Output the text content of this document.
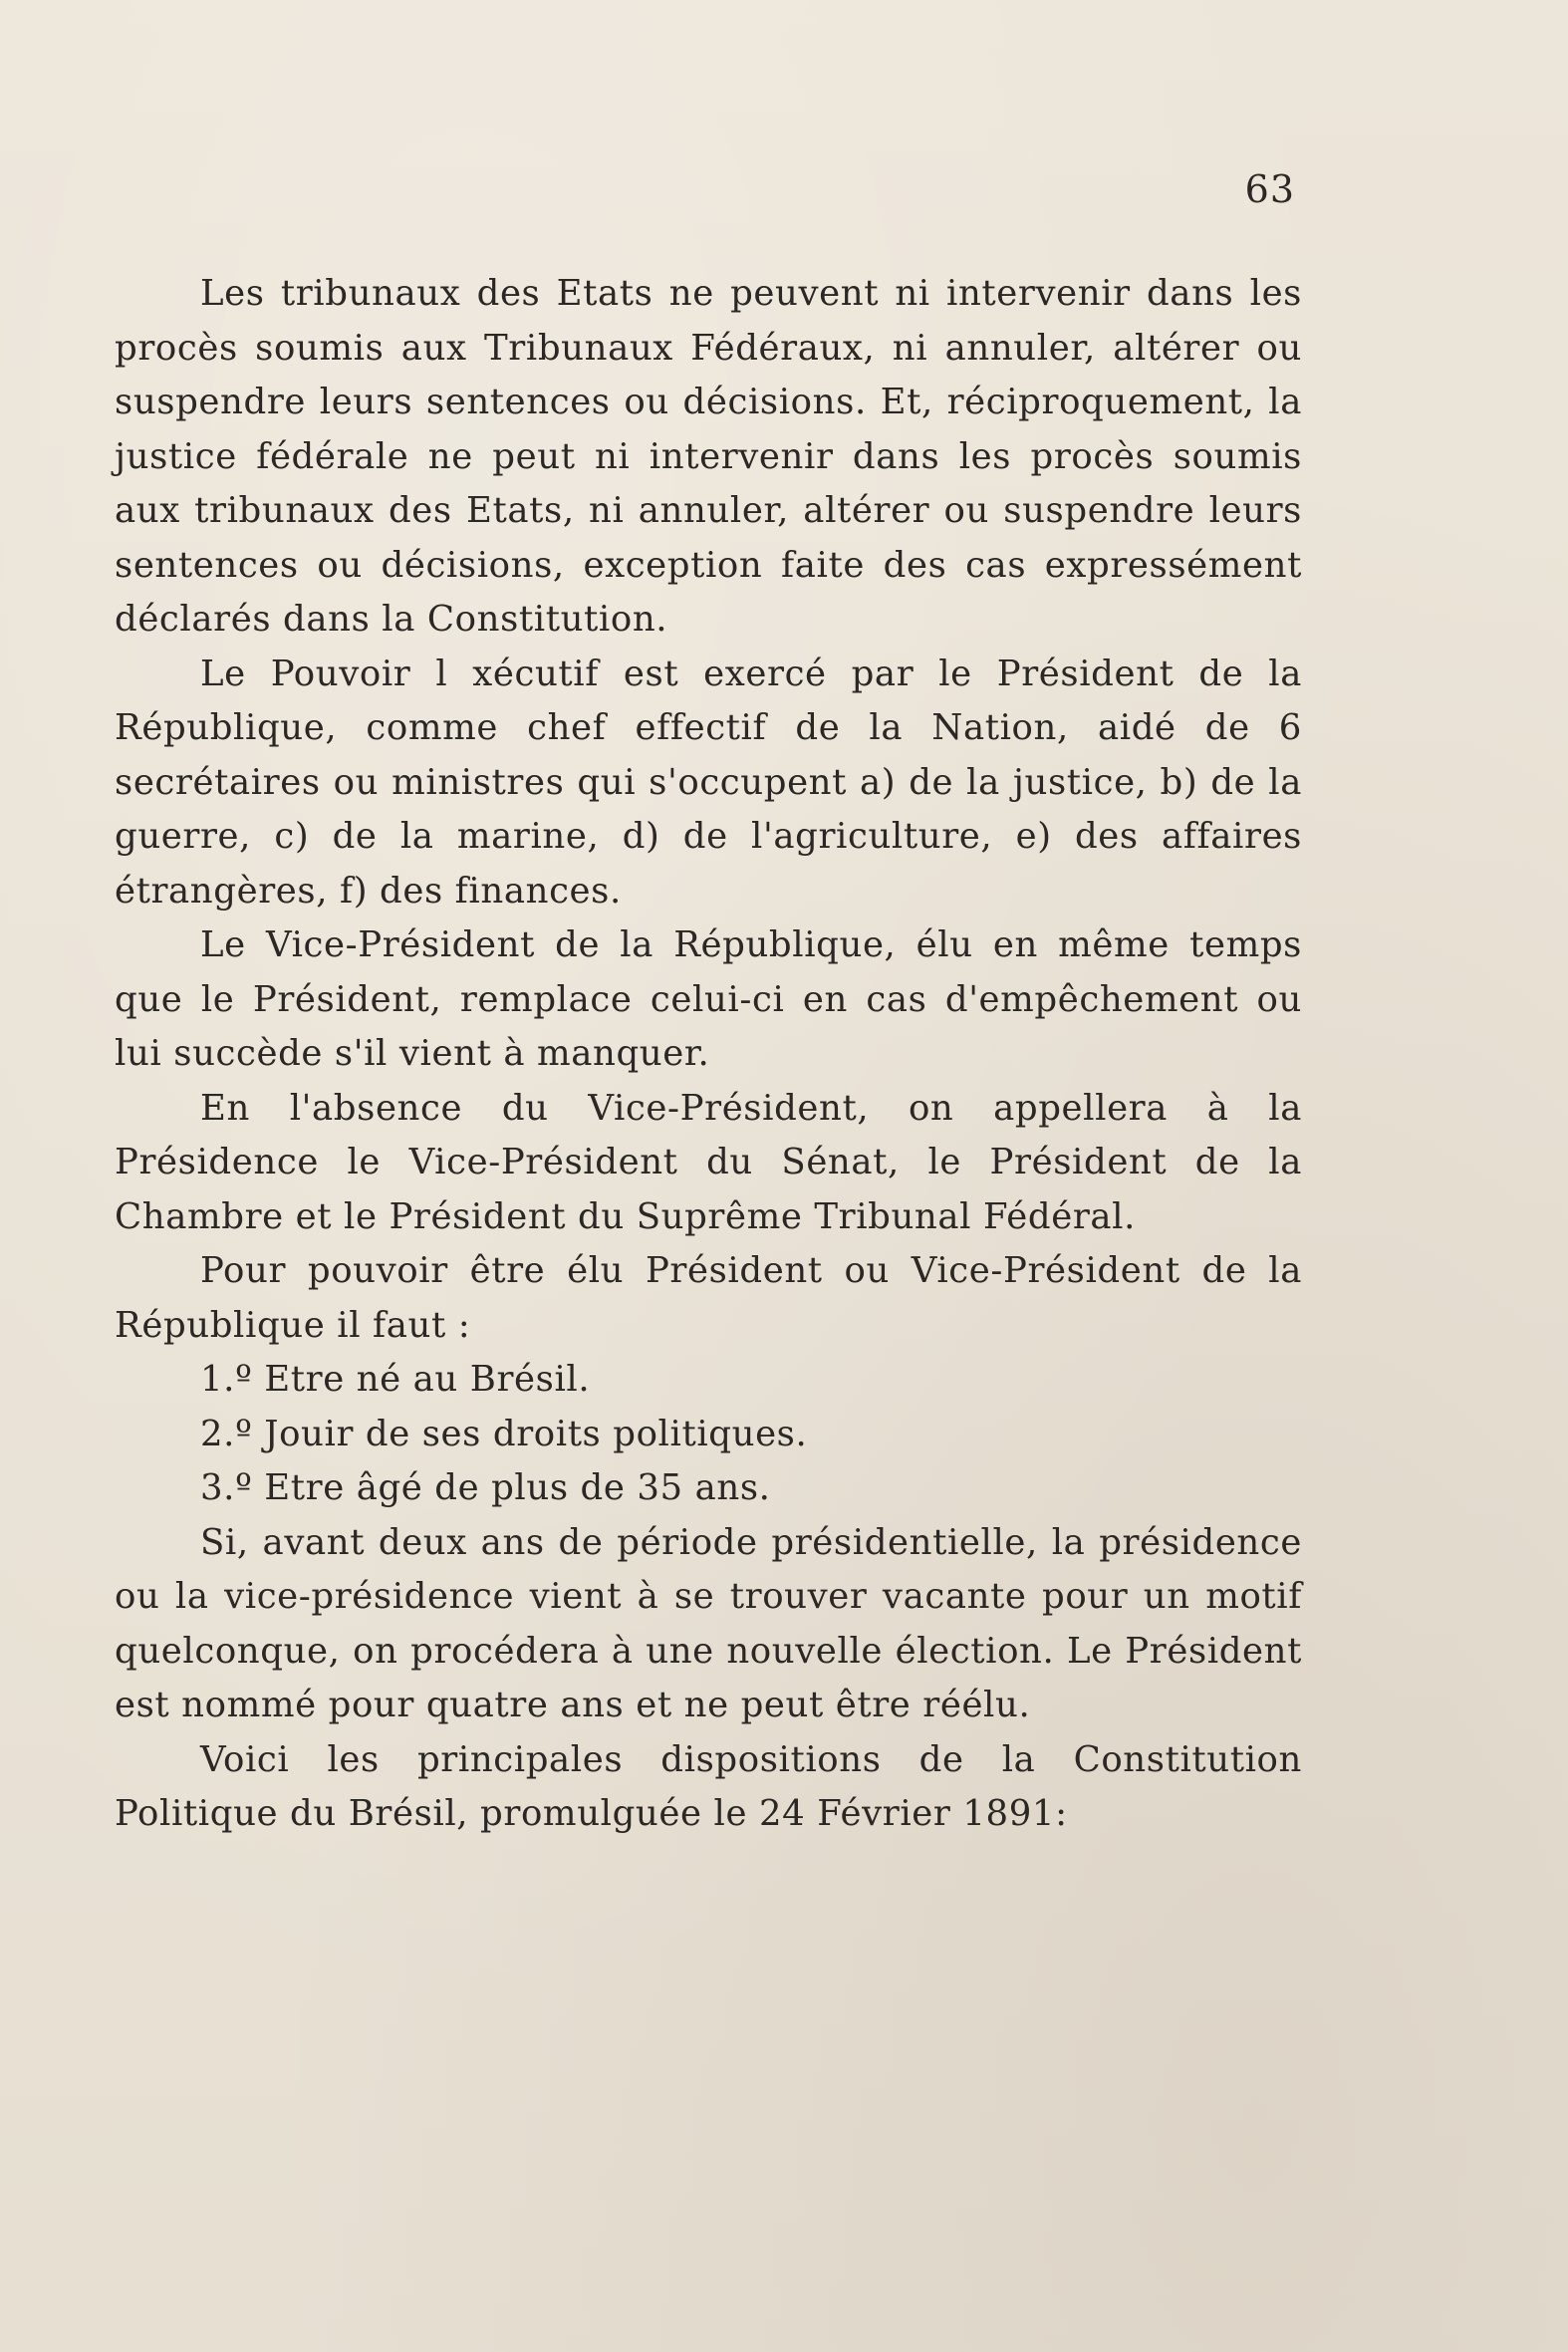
63

Les tribunaux des Etats ne peuvent ni intervenir dans les procès soumis aux Tribunaux Fédéraux, ni annuler, altérer ou suspendre leurs sentences ou décisions. Et, réciproquement, la justice fédérale ne peut ni intervenir dans les procès soumis aux tribunaux des Etats, ni annuler, altérer ou suspendre leurs sentences ou décisions, exception faite des cas expressément déclarés dans la Constitution.

Le Pouvoir l xécutif est exercé par le Président de la République, comme chef effectif de la Nation, aidé de 6 secrétaires ou ministres qui s'occupent a) de la justice, b) de la guerre, c) de la marine, d) de l'agriculture, e) des affaires étrangères, f) des finances.

Le Vice-Président de la République, élu en même temps que le Président, remplace celui-ci en cas d'empêchement ou lui succède s'il vient à manquer.

En l'absence du Vice-Président, on appellera à la Présidence le Vice-Président du Sénat, le Président de la Chambre et le Président du Suprême Tribunal Fédéral.

Pour pouvoir être élu Président ou Vice-Président de la République il faut :

1.º Etre né au Brésil.
2.º Jouir de ses droits politiques.
3.º Etre âgé de plus de 35 ans.

Si, avant deux ans de période présidentielle, la présidence ou la vice-présidence vient à se trouver vacante pour un motif quelconque, on procédera à une nouvelle élection. Le Président est nommé pour quatre ans et ne peut être réélu.

Voici les principales dispositions de la Constitution Politique du Brésil, promulguée le 24 Février 1891:
